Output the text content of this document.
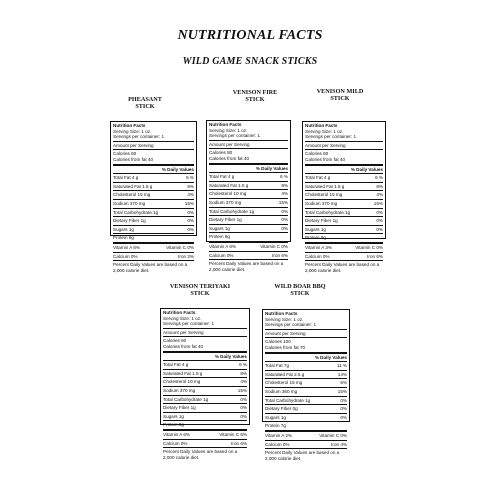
NUTRITIONAL FACTS
WILD GAME SNACK STICKS
PHEASANT
STICK
VENISON FIRE
STICK
VENISON MILD
STICK
VENISON TERIYAKI
STICK
WILD BOAR BBQ
STICK
Nutrition Facts
Serving Size: 1 oz.
Servings per container: 1
Amount per Serving
Calories 60
Calories from fat 40
% Daily Values
Total Fat 4 g	6 %
Saturated Fat 1.5 g	8%
Cholesterol 15 mg	4%
Sodium 370 mg	15%
Total Carbohydrate 1g	0%
Dietary Fiber 1g	0%
Sugars 1g	0%
Protein 8g
Vitamin A 6%	Vitamin C 0%
Calcium 0%	Iron 2%
Percent Daily Values are based on a 2,000 calorie diet.
Nutrition Facts
Serving Size: 1 oz.
Servings per container: 1
Amount per Serving
Calories 80
Calories from fat 40
% Daily Values
Total Fat 4 g	6 %
Saturated Fat 1.5 g	8%
Cholesterol 10 mg	4%
Sodium 370 mg	15%
Total Carbohydrate 1g	0%
Dietary Fiber 1g	0%
Sugars 1g	0%
Protein 8g
Vitamin A 6%	Vitamin C 0%
Calcium 0%	Iron 6%
Percent Daily Values are based on a 2,000 calorie diet.
Nutrition Facts
Serving Size: 1 oz.
Servings per container: 1
Amount per Serving
Calories 60
Calories from fat 40
% Daily Values
Total Fat 4 g	6 %
Saturated Fat 1.5 g	8%
Cholesterol 15 mg	4%
Sodium 370 mg	15%
Total Carbohydrate 1g	0%
Dietary Fiber 1g	0%
Sugars 1g	0%
Protein 8g
Vitamin A 3%	Vitamin C 0%
Calcium 0%	Iron 6%
Percent Daily Values are based on a 2,000 calorie diet.
Nutrition Facts
Serving Size: 1 oz.
Servings per container: 1
Amount per Serving
Calories 60
Calories from fat 40
% Daily Values
Total Fat 4 g	6 %
Saturated Fat 1.5 g	8%
Cholesterol 10 mg	4%
Sodium 370 mg	15%
Total Carbohydrate 1g	0%
Dietary Fiber 1g	0%
Sugars 1g	0%
Protein 8g
Vitamin A 6%	Vitamin C 6%
Calcium 0%	Iron 6%
Percent Daily Values are based on a 2,000 calorie diet.
Nutrition Facts
Serving Size: 1 oz.
Servings per container: 1
Amount per Serving
Calories 100
Calories from fat 70
% Daily Values
Total Fat 7g	11 %
Saturated Fat 2.5 g	14%
Cholesterol 15 mg	6%
Sodium 360 mg	15%
Total Carbohydrate 1g	0%
Dietary Fiber 0g	0%
Sugars 1g	0%
Protein 7g
Vitamin A 2%	Vitamin C 0%
Calcium 0%	Iron 4%
Percent Daily Values are based on a 2,000 calorie diet.
